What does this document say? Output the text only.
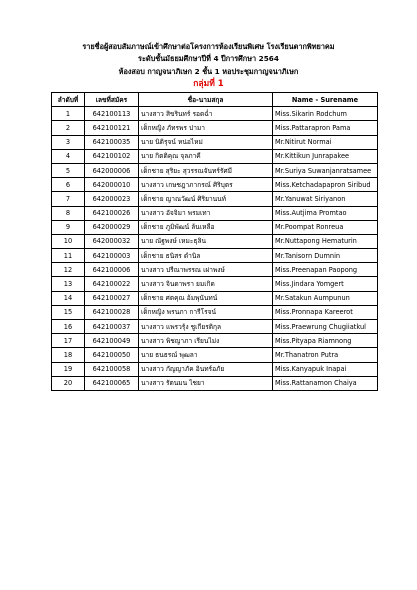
รายชื่อผู้สอบสัมภาษณ์เข้าศึกษาต่อโครงการห้องเรียนพิเศษ โรงเรียนตากพิทยาคม
ระดับชั้นมัธยมศึกษาปีที่ 4 ปีการศึกษา 2564
ห้องสอบ กาญจนาภิเษก 2 ชั้น 1 หอประชุมกาญจนาภิเษก
กลุ่มที่ 1
ลำดับที่	เลขที่สมัคร	ชื่อ-นามสกุล	Name - Surename
1	642100113	นางสาว สิขรินทร์ รอดฉ่ำ	Miss.Sikarin Rodchum
2	642100121	เด็กหญิง ภัทรพร ปามา	Miss.Pattarapron Pama
3	642100035	นาย นิติรุจน์ หน่อไหม่	Mr.Nitirut Normai
4	642100102	นาย กิตติคุณ จุลภาคี	Mr.Kittikun Junrapakee
5	642000006	เด็กชาย สุริยะ สุวรรณจันทร์รัศมี	Mr.Suriya Suwanjanratsamee
6	642000010	นางสาว เกษชฎาภากรณ์ ศิริบุตร	Miss.Ketchadapapron Siribud
7	642000023	เด็กชาย ญาณวัฒน์ ศิริยานนท์	Mr.Yanuwat Siriyanon
8	642100026	นางสาว อัจจิมา พรมเทา	Miss.Autjima Promtao
9	642000029	เด็กชาย ภูมิพัฒน์ ล้นเหลือ	Mr.Poompat Ronreua
10	642000032	นาย ณัฐพงษ์ เหมะธุลิน	Mr.Nuttapong Hematurin
11	642100003	เด็กชาย ธนิสร ดำนิล	Mr.Tanisorn Dumnin
12	642100006	นางสาว ปรีณาพรรณ เผ่าพงษ์	Miss.Preenapan Paopong
13	642100022	นางสาว จินดาพรา ยมเกิด	Miss.Jindara Yomgert
14	642100027	เด็กชาย ศตคุณ อ้มพุนันทน์	Mr.Satakun Aumpunun
15	642100028	เด็กหญิง พรนภา การีโรจน์	Miss.Pronnapa Kareerot
16	642100037	นางสาว แพรวรุ้ง ชูเกียรติกุล	Miss.Praewrung Chugiiatkul
17	642100049	นางสาว พิชญาภา เรียนไม่ง	Miss.Pityapa Riamnong
18	642100050	นาย ธนธรณ์ พุฒลา	Mr.Thanatron Putra
19	642100058	นางสาว กัญญาภัค อินทร์อภัย	Miss.Kanyapuk Inapai
20	642100065	นางสาว รัตนมน ไชยา	Miss.Rattanamon Chaiya
